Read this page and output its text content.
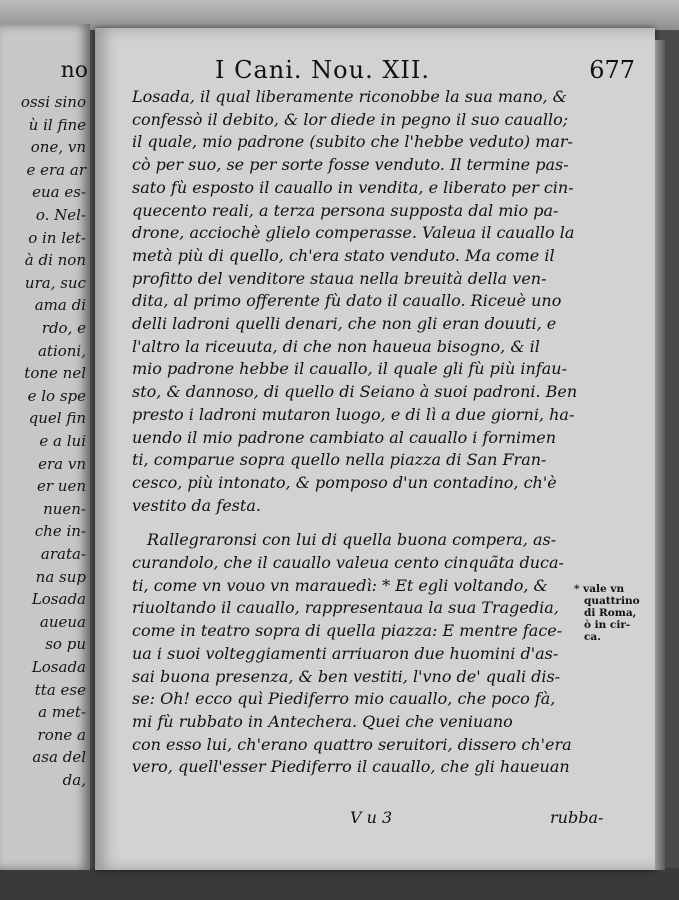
no
ossi sino
ù il fine
one, vn
e era ar
eua es-
o. Nel-
o in let-
à di non
ura, suc
ama di
rdo, e
ationi,
tone nel
e lo spe
quel fin
e a lui
era vn
er uen
nuen-
che in-
arata-
na sup
Losada
aueua
so pu
Losada
tta ese
a met-
rone a
asa del
da,
I Cani. Nou. XII.	677
Losada, il qual liberamente riconobbe la sua mano, &
confessò il debito, & lor diede in pegno il suo cauallo;
il quale, mio padrone (subito che l'hebbe veduto) mar-
cò per suo, se per sorte fosse venduto. Il termine pas-
sato fù esposto il cauallo in vendita, e liberato per cin-
quecento reali, a terza persona supposta dal mio pa-
drone, acciochè glielo comperasse. Valeua il cauallo la
metà più di quello, ch'era stato venduto. Ma come il
profitto del venditore staua nella breuità della ven-
dita, al primo offerente fù dato il cauallo. Riceuè uno
delli ladroni quelli denari, che non gli eran douuti, e
l'altro la riceuuta, di che non haueua bisogno, & il
mio padrone hebbe il cauallo, il quale gli fù più infau-
sto, & dannoso, di quello di Seiano à suoi padroni. Ben
presto i ladroni mutaron luogo, e di lì a due giorni, ha-
uendo il mio padrone cambiato al cauallo i fornimen
ti, comparue sopra quello nella piazza di San Fran-
cesco, più intonato, & pomposo d'un contadino, ch'è
vestito da festa.
Rallegraronsi con lui di quella buona compera, as-
curandolo, che il cauallo valeua cento cinquãta duca-
ti, come vn vouo vn marauedì: * Et egli voltando, &
riuoltando il cauallo, rappresentaua la sua Tragedia,
come in teatro sopra di quella piazza: E mentre face-
ua i suoi volteggiamenti arriuaron due huomini d'as-
sai buona presenza, & ben vestiti, l'vno de' quali dis-
se: Oh! ecco quì Piediferro mio cauallo, che poco fà,
mi fù rubbato in Antechera. Quei che veniuano
con esso lui, ch'erano quattro seruitori, dissero ch'era
vero, quell'esser Piediferro il cauallo, che gli haueuan
* vale vn
quattrino
di Roma,
ò in cir-
ca.
V u 3	rubba-
